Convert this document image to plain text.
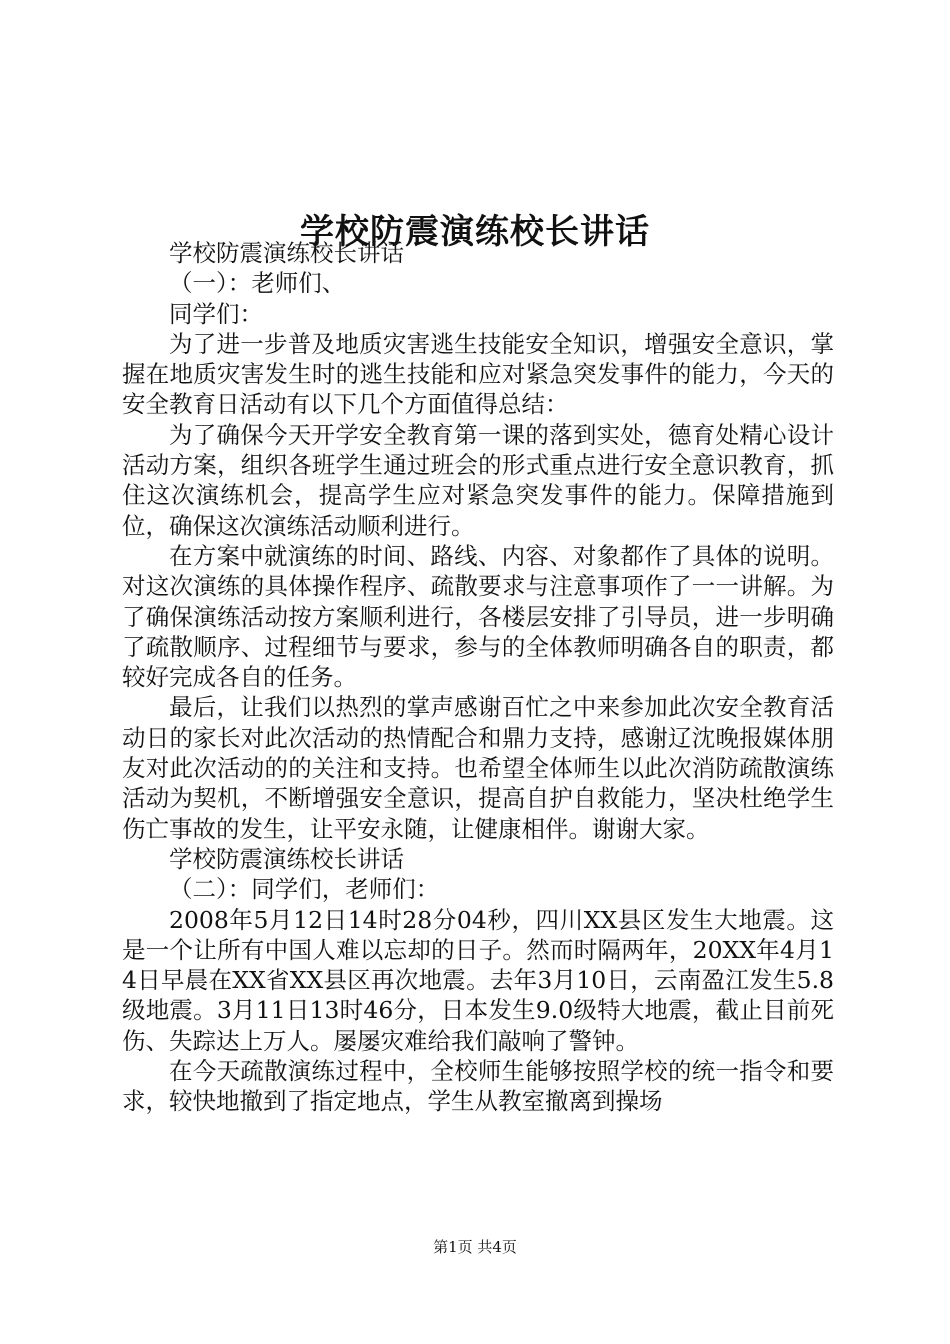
学校防震演练校长讲话

学校防震演练校长讲话

（一）：老师们、

同学们：

为了进一步普及地质灾害逃生技能安全知识，增强安全意识，掌握在地质灾害发生时的逃生技能和应对紧急突发事件的能力，今天的安全教育日活动有以下几个方面值得总结：

为了确保今天开学安全教育第一课的落到实处，德育处精心设计活动方案，组织各班学生通过班会的形式重点进行安全意识教育，抓住这次演练机会，提高学生应对紧急突发事件的能力。保障措施到位，确保这次演练活动顺利进行。

在方案中就演练的时间、路线、内容、对象都作了具体的说明。对这次演练的具体操作程序、疏散要求与注意事项作了一一讲解。为了确保演练活动按方案顺利进行，各楼层安排了引导员，进一步明确了疏散顺序、过程细节与要求，参与的全体教师明确各自的职责，都较好完成各自的任务。

最后，让我们以热烈的掌声感谢百忙之中来参加此次安全教育活动日的家长对此次活动的热情配合和鼎力支持，感谢辽沈晚报媒体朋友对此次活动的的关注和支持。也希望全体师生以此次消防疏散演练活动为契机，不断增强安全意识，提高自护自救能力，坚决杜绝学生伤亡事故的发生，让平安永随，让健康相伴。谢谢大家。

学校防震演练校长讲话

（二）：同学们，老师们：

2008年5月12日14时28分04秒，四川XX县区发生大地震。这是一个让所有中国人难以忘却的日子。然而时隔两年，20XX年4月14日早晨在XX省XX县区再次地震。去年3月10日，云南盈江发生5.8级地震。3月11日13时46分，日本发生9.0级特大地震，截止目前死伤、失踪达上万人。屡屡灾难给我们敲响了警钟。

在今天疏散演练过程中，全校师生能够按照学校的统一指令和要求，较快地撤到了指定地点，学生从教室撤离到操场

第1页 共4页
